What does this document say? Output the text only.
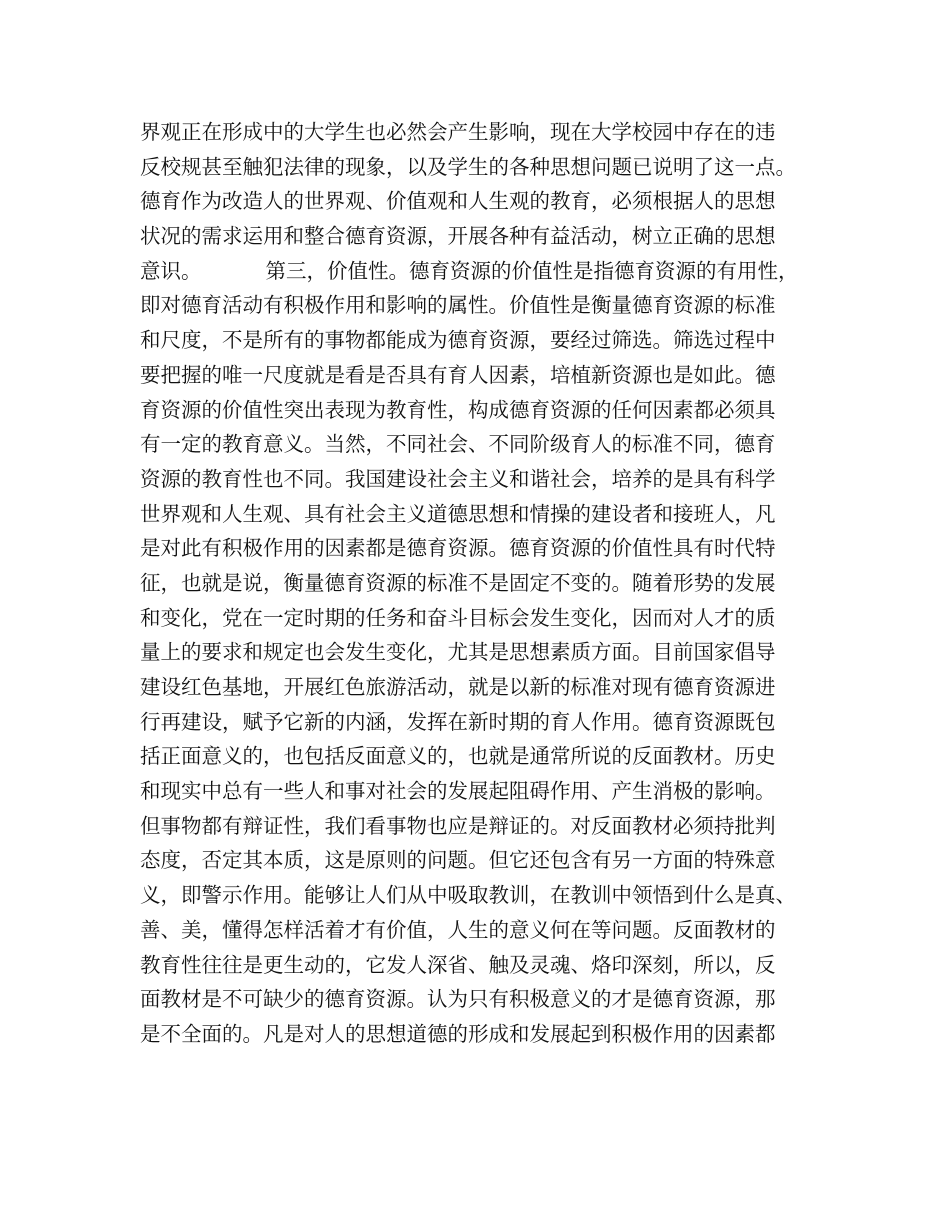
界观正在形成中的大学生也必然会产生影响，现在大学校园中存在的违
反校规甚至触犯法律的现象，以及学生的各种思想问题已说明了这一点。
德育作为改造人的世界观、价值观和人生观的教育，必须根据人的思想
状况的需求运用和整合德育资源，开展各种有益活动，树立正确的思想
意识。	第三，价值性。德育资源的价值性是指德育资源的有用性，
即对德育活动有积极作用和影响的属性。价值性是衡量德育资源的标准
和尺度，不是所有的事物都能成为德育资源，要经过筛选。筛选过程中
要把握的唯一尺度就是看是否具有育人因素，培植新资源也是如此。德
育资源的价值性突出表现为教育性，构成德育资源的任何因素都必须具
有一定的教育意义。当然，不同社会、不同阶级育人的标准不同，德育
资源的教育性也不同。我国建设社会主义和谐社会，培养的是具有科学
世界观和人生观、具有社会主义道德思想和情操的建设者和接班人，凡
是对此有积极作用的因素都是德育资源。德育资源的价值性具有时代特
征，也就是说，衡量德育资源的标准不是固定不变的。随着形势的发展
和变化，党在一定时期的任务和奋斗目标会发生变化，因而对人才的质
量上的要求和规定也会发生变化，尤其是思想素质方面。目前国家倡导
建设红色基地，开展红色旅游活动，就是以新的标准对现有德育资源进
行再建设，赋予它新的内涵，发挥在新时期的育人作用。德育资源既包
括正面意义的，也包括反面意义的，也就是通常所说的反面教材。历史
和现实中总有一些人和事对社会的发展起阻碍作用、产生消极的影响。
但事物都有辩证性，我们看事物也应是辩证的。对反面教材必须持批判
态度，否定其本质，这是原则的问题。但它还包含有另一方面的特殊意
义，即警示作用。能够让人们从中吸取教训，在教训中领悟到什么是真、
善、美，懂得怎样活着才有价值，人生的意义何在等问题。反面教材的
教育性往往是更生动的，它发人深省、触及灵魂、烙印深刻，所以，反
面教材是不可缺少的德育资源。认为只有积极意义的才是德育资源，那
是不全面的。凡是对人的思想道德的形成和发展起到积极作用的因素都
